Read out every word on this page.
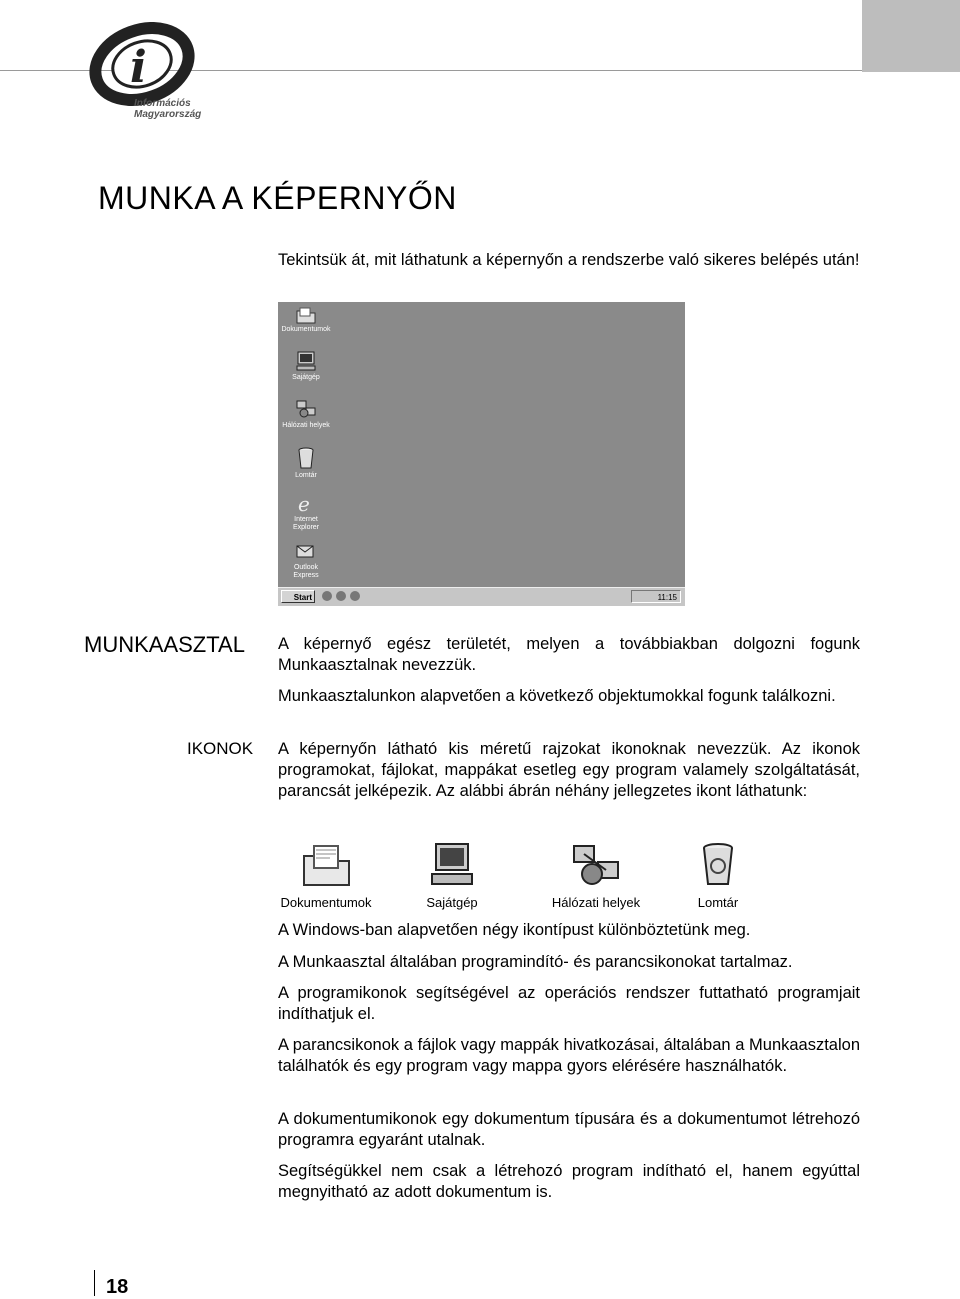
i
Információs
Magyarország
MUNKA A KÉPERNYŐN

Tekintsük át, mit láthatunk a képernyőn a rendszerbe való sikeres belépés után!

Dokumentumok
Sajátgép
Hálózati helyek
Lomtár
e
Internet
Explorer
Outlook
Express
Start	11:15
MUNKAASZTAL A képernyő egész területét, melyen a továbbiakban dolgozni fogunk Munkaasztalnak nevezzük.

Munkaasztalunkon alapvetően a következő objektumokkal fogunk találkozni.

IKONOK A képernyőn látható kis méretű rajzokat ikonoknak nevezzük. Az ikonok programokat, fájlokat, mappákat esetleg egy program valamely szolgáltatását, parancsát jelképezik. Az alábbi ábrán néhány jellegzetes ikont láthatunk:

Dokumentumok	Sajátgép	Hálózati helyek	Lomtár

A Windows-ban alapvetően négy ikontípust különböztetünk meg.

A Munkaasztal általában programindító- és parancsikonokat tartalmaz.

A programikonok segítségével az operációs rendszer futtatható programjait indíthatjuk el.

A parancsikonok a fájlok vagy mappák hivatkozásai, általában a Munkaasztalon találhatók és egy program vagy mappa gyors elérésére használhatók.

A dokumentumikonok egy dokumentum típusára és a dokumentumot létrehozó programra egyaránt utalnak.

Segítségükkel nem csak a létrehozó program indítható el, hanem egyúttal megnyitható az adott dokumentum is.

18
